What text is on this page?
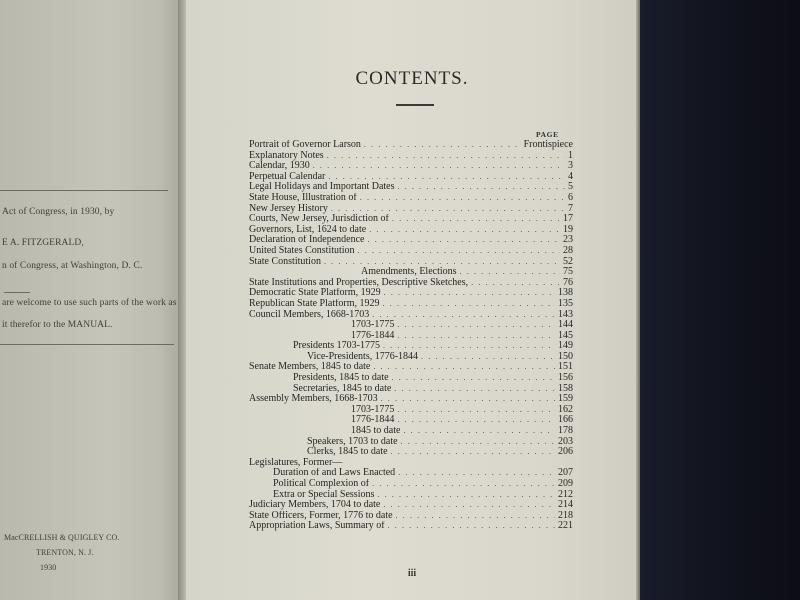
Act of Congress, in 1930, by
E A. FITZGERALD,
n of Congress, at Washington, D. C.
are welcome to use such parts of the work as
it therefor to the MANUAL.
MacCRELLISH & QUIGLEY CO.
TRENTON, N. J.
1930
CONTENTS.
PAGE
Portrait of Governor Larson . . .	Frontispiece
Explanatory Notes . . .	1
Calendar, 1930 . . .	3
Perpetual Calendar . . .	4
Legal Holidays and Important Dates . . .	5
State House, Illustration of . . .	6
New Jersey History . . .	7
Courts, New Jersey, Jurisdiction of . . .	17
Governors, List, 1624 to date . . .	19
Declaration of Independence . . .	23
United States Constitution . . .	28
State Constitution . . .	52
Amendments, Elections . . .	75
State Institutions and Properties, Descriptive Sketches, . . .	76
Democratic State Platform, 1929 . . .	138
Republican State Platform, 1929 . . .	135
Council Members, 1668-1703 . . .	143
1703-1775 . . .	144
1776-1844 . . .	145
Presidents 1703-1775 . . .	149
Vice-Presidents, 1776-1844 . . .	150
Senate Members, 1845 to date . . .	151
Presidents, 1845 to date . . .	156
Secretaries, 1845 to date . . .	158
Assembly Members, 1668-1703 . . .	159
1703-1775 . . .	162
1776-1844 . . .	166
1845 to date . . .	178
Speakers, 1703 to date . . .	203
Clerks, 1845 to date . . .	206
Legislatures, Former—
Duration of and Laws Enacted . . .	207
Political Complexion of . . .	209
Extra or Special Sessions . . .	212
Judiciary Members, 1704 to date . . .	214
State Officers, Former, 1776 to date . . .	218
Appropriation Laws, Summary of . . .	221
iii
